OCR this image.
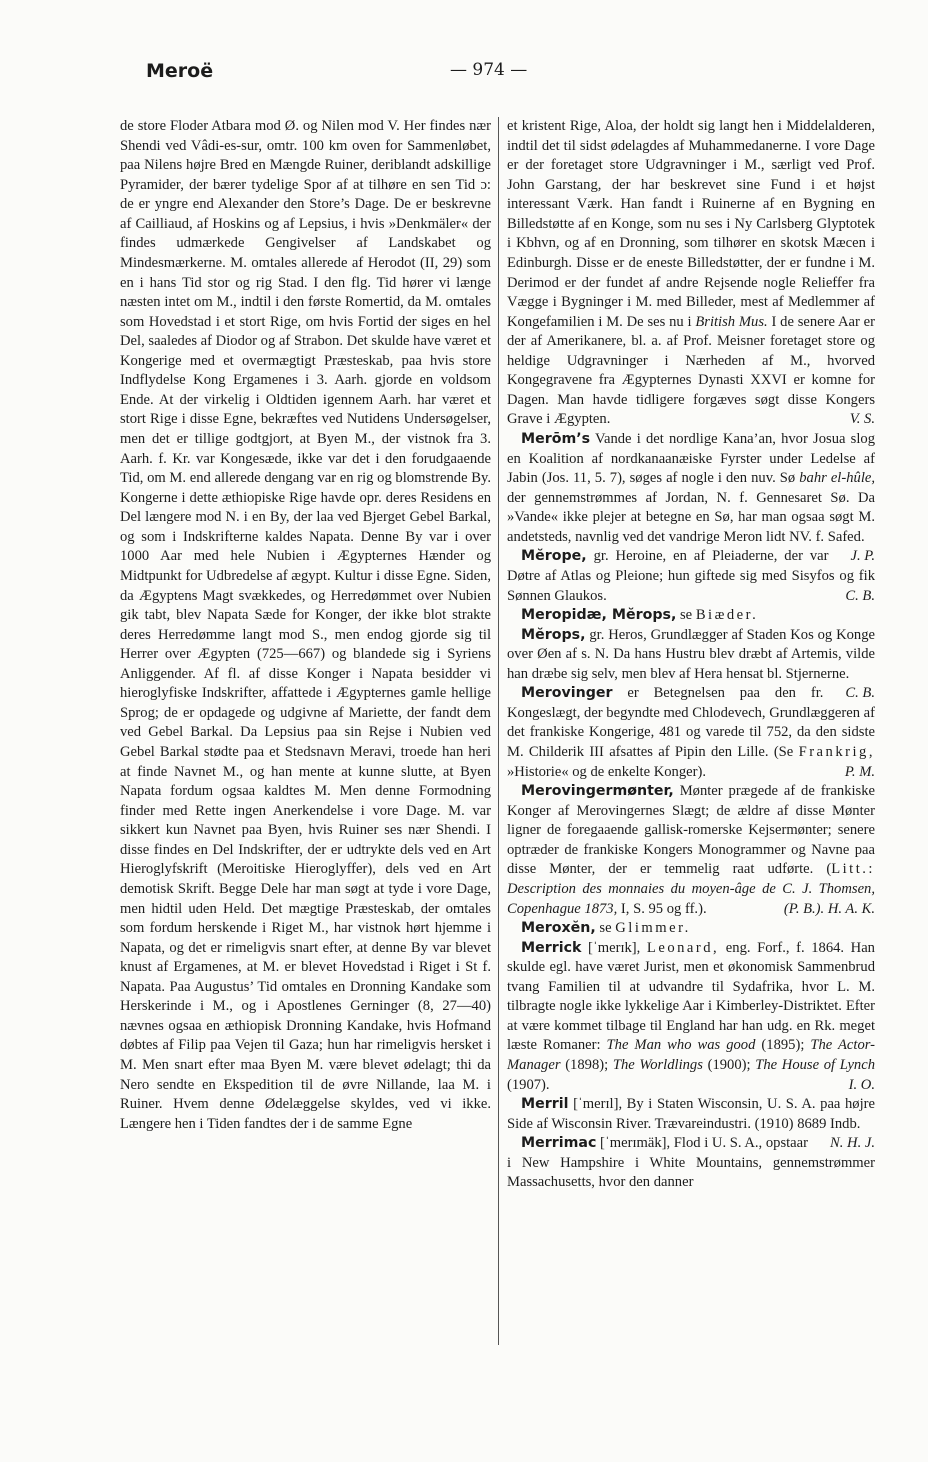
Meroë	— 974 —

de store Floder Atbara mod Ø. og Nilen mod V. Her findes nær Shendi ved Vâdi-es-sur, omtr. 100 km oven for Sammenløbet, paa Nilens højre Bred en Mængde Ruiner, deriblandt adskillige Pyramider, der bærer tydelige Spor af at tilhøre en sen Tid ɔ: de er yngre end Alexander den Store’s Dage. De er beskrevne af Cailliaud, af Hoskins og af Lepsius, i hvis »Denkmäler« der findes udmærkede Gengivelser af Landskabet og Mindesmærkerne. M. omtales allerede af Herodot (II, 29) som en i hans Tid stor og rig Stad. I den flg. Tid hører vi længe næsten intet om M., indtil i den første Romertid, da M. omtales som Hovedstad i et stort Rige, om hvis Fortid der siges en hel Del, saaledes af Diodor og af Strabon. Det skulde have været et Kongerige med et overmægtigt Præsteskab, paa hvis store Indflydelse Kong Ergamenes i 3. Aarh. gjorde en voldsom Ende. At der virkelig i Oldtiden igennem Aarh. har været et stort Rige i disse Egne, bekræftes ved Nutidens Undersøgelser, men det er tillige godtgjort, at Byen M., der vistnok fra 3. Aarh. f. Kr. var Kongesæde, ikke var det i den forudgaaende Tid, om M. end allerede dengang var en rig og blomstrende By. Kongerne i dette æthiopiske Rige havde opr. deres Residens en Del længere mod N. i en By, der laa ved Bjerget Gebel Barkal, og som i Indskrifterne kaldes Napata. Denne By var i over 1000 Aar med hele Nubien i Ægypternes Hænder og Midtpunkt for Udbredelse af ægypt. Kultur i disse Egne. Siden, da Ægyptens Magt svækkedes, og Herredømmet over Nubien gik tabt, blev Napata Sæde for Konger, der ikke blot strakte deres Herredømme langt mod S., men endog gjorde sig til Herrer over Ægypten (725—667) og blandede sig i Syriens Anliggender. Af fl. af disse Konger i Napata besidder vi hieroglyfiske Indskrifter, affattede i Ægypternes gamle hellige Sprog; de er opdagede og udgivne af Mariette, der fandt dem ved Gebel Barkal. Da Lepsius paa sin Rejse i Nubien ved Gebel Barkal stødte paa et Stedsnavn Meravi, troede han heri at finde Navnet M., og han mente at kunne slutte, at Byen Napata fordum ogsaa kaldtes M. Men denne Formodning finder med Rette ingen Anerkendelse i vore Dage. M. var sikkert kun Navnet paa Byen, hvis Ruiner ses nær Shendi. I disse findes en Del Indskrifter, der er udtrykte dels ved en Art Hieroglyfskrift (Meroitiske Hieroglyffer), dels ved en Art demotisk Skrift. Begge Dele har man søgt at tyde i vore Dage, men hidtil uden Held. Det mægtige Præsteskab, der omtales som fordum herskende i Riget M., har vistnok hørt hjemme i Napata, og det er rimeligvis snart efter, at denne By var blevet knust af Ergamenes, at M. er blevet Hovedstad i Riget i St f. Napata. Paa Augustus’ Tid omtales en Dronning Kandake som Herskerinde i M., og i Apostlenes Gerninger (8, 27—40) nævnes ogsaa en æthiopisk Dronning Kandake, hvis Hofmand døbtes af Filip paa Vejen til Gaza; hun har rimeligvis hersket i M. Men snart efter maa Byen M. være blevet ødelagt; thi da Nero sendte en Ekspedition til de øvre Nillande, laa M. i Ruiner. Hvem denne Ødelæggelse skyldes, ved vi ikke. Længere hen i Tiden fandtes der i de samme Egne

et kristent Rige, Aloa, der holdt sig langt hen i Middelalderen, indtil det til sidst ødelagdes af Muhammedanerne. I vore Dage er der foretaget store Udgravninger i M., særligt ved Prof. John Garstang, der har beskrevet sine Fund i et højst interessant Værk. Han fandt i Ruinerne af en Bygning en Billedstøtte af en Konge, som nu ses i Ny Carlsberg Glyptotek i Kbhvn, og af en Dronning, som tilhører en skotsk Mæcen i Edinburgh. Disse er de eneste Billedstøtter, der er fundne i M. Derimod er der fundet af andre Rejsende nogle Relieffer fra Vægge i Bygninger i M. med Billeder, mest af Medlemmer af Kongefamilien i M. De ses nu i British Mus. I de senere Aar er der af Amerikanere, bl. a. af Prof. Meisner foretaget store og heldige Udgravninger i Nærheden af M., hvorved Kongegravene fra Ægypternes Dynasti XXVI er komne for Dagen. Man havde tidligere forgæves søgt disse Kongers Grave i Ægypten.	V. S.

Merōm’s Vande i det nordlige Kana’an, hvor Josua slog en Koalition af nordkanaanæiske Fyrster under Ledelse af Jabin (Jos. 11, 5. 7), søges af nogle i den nuv. Sø bahr el-hûle, der gennemstrømmes af Jordan, N. f. Gennesaret Sø. Da »Vande« ikke plejer at betegne en Sø, har man ogsaa søgt M. andetsteds, navnlig ved det vandrige Meron lidt NV. f. Safed.
J. P.

Mĕrope, gr. Heroine, en af Pleiaderne, der var Døtre af Atlas og Pleione; hun giftede sig med Sisyfos og fik Sønnen Glaukos.	C. B.

Meropidæ, Mĕrops, se Biæder.

Mĕrops, gr. Heros, Grundlægger af Staden Kos og Konge over Øen af s. N. Da hans Hustru blev dræbt af Artemis, vilde han dræbe sig selv, men blev af Hera hensat bl. Stjernerne.
C. B.

Merovinger er Betegnelsen paa den fr. Kongeslægt, der begyndte med Chlodevech, Grundlæggeren af det frankiske Kongerige, 481 og varede til 752, da den sidste M. Childerik III afsattes af Pipin den Lille. (Se Frankrig, »Historie« og de enkelte Konger).	P. M.

Merovingermønter, Mønter prægede af de frankiske Konger af Merovingernes Slægt; de ældre af disse Mønter ligner de foregaaende gallisk-romerske Kejsermønter; senere optræder de frankiske Kongers Monogrammer og Navne paa disse Mønter, der er temmelig raat udførte. (Litt.: Description des monnaies du moyen-âge de C. J. Thomsen, Copenhague 1873, I, S. 95 og ff.).	(P. B.). H. A. K.

Meroxĕn, se Glimmer.

Merrick [ˈmerɪk], Leonard, eng. Forf., f. 1864. Han skulde egl. have været Jurist, men et økonomisk Sammenbrud tvang Familien til at udvandre til Sydafrika, hvor L. M. tilbragte nogle ikke lykkelige Aar i Kimberley-Distriktet. Efter at være kommet tilbage til England har han udg. en Rk. meget læste Romaner: The Man who was good (1895); The Actor-Manager (1898); The Worldlings (1900); The House of Lynch (1907).	I. O.

Merril [ˈmerɪl], By i Staten Wisconsin, U. S. A. paa højre Side af Wisconsin River. Trævareindustri. (1910) 8689 Indb.
N. H. J.

Merrimac [ˈmerɪmäk], Flod i U. S. A., opstaar i New Hampshire i White Mountains, gennemstrømmer Massachusetts, hvor den danner
